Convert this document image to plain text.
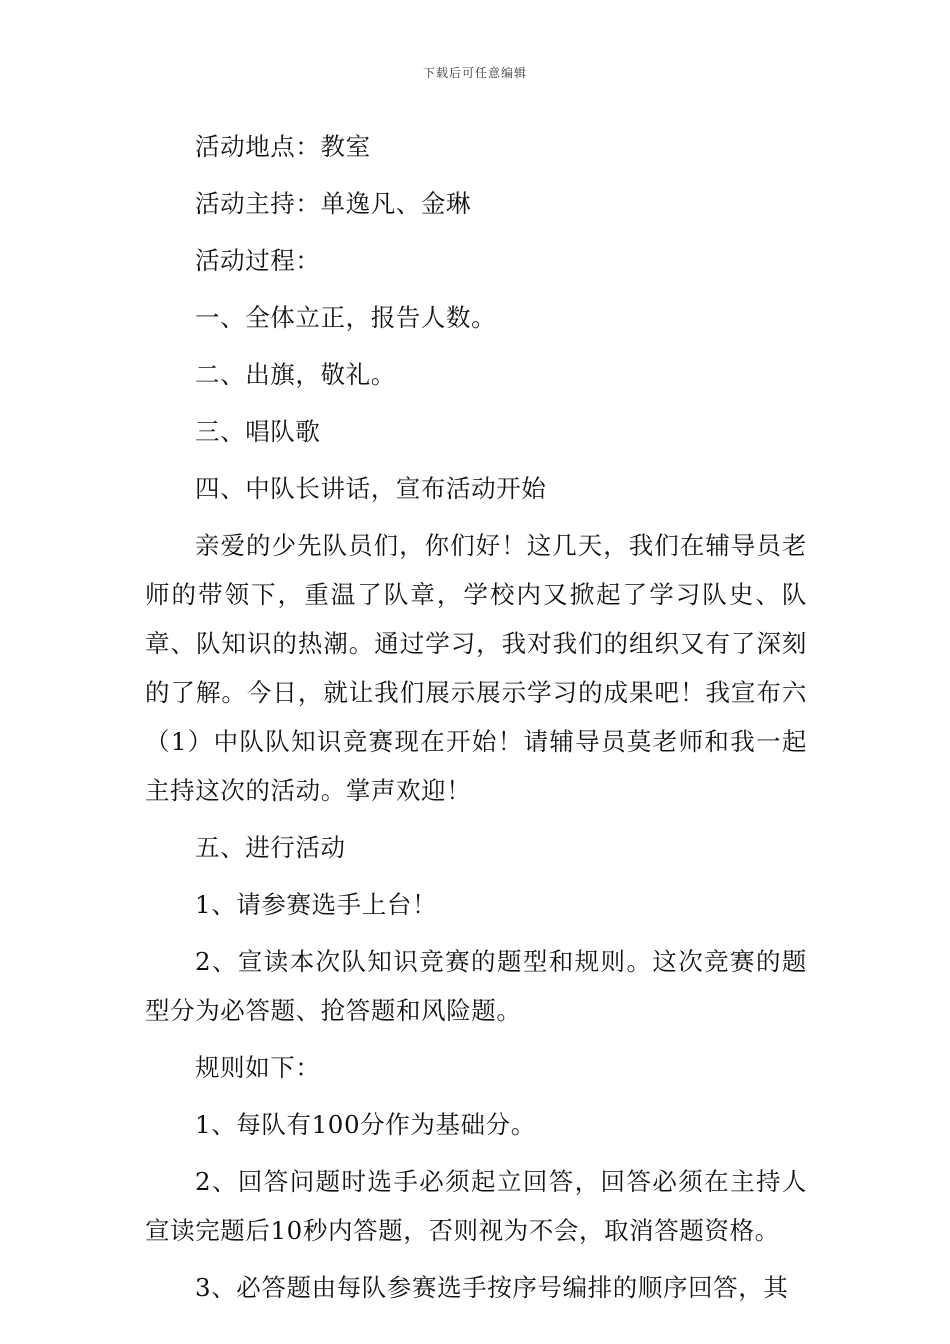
下载后可任意编辑

活动地点：教室

活动主持：单逸凡、金琳

活动过程：

一、全体立正，报告人数。

二、出旗，敬礼。

三、唱队歌

四、中队长讲话，宣布活动开始

亲爱的少先队员们，你们好！这几天，我们在辅导员老师的带领下，重温了队章，学校内又掀起了学习队史、队章、队知识的热潮。通过学习，我对我们的组织又有了深刻的了解。今日，就让我们展示展示学习的成果吧！我宣布六（1）中队队知识竞赛现在开始！请辅导员莫老师和我一起主持这次的活动。掌声欢迎！

五、进行活动

1、请参赛选手上台！

2、宣读本次队知识竞赛的题型和规则。这次竞赛的题型分为必答题、抢答题和风险题。

规则如下：

1、每队有100分作为基础分。

2、回答问题时选手必须起立回答，回答必须在主持人宣读完题后10秒内答题，否则视为不会，取消答题资格。

3、必答题由每队参赛选手按序号编排的顺序回答，其
